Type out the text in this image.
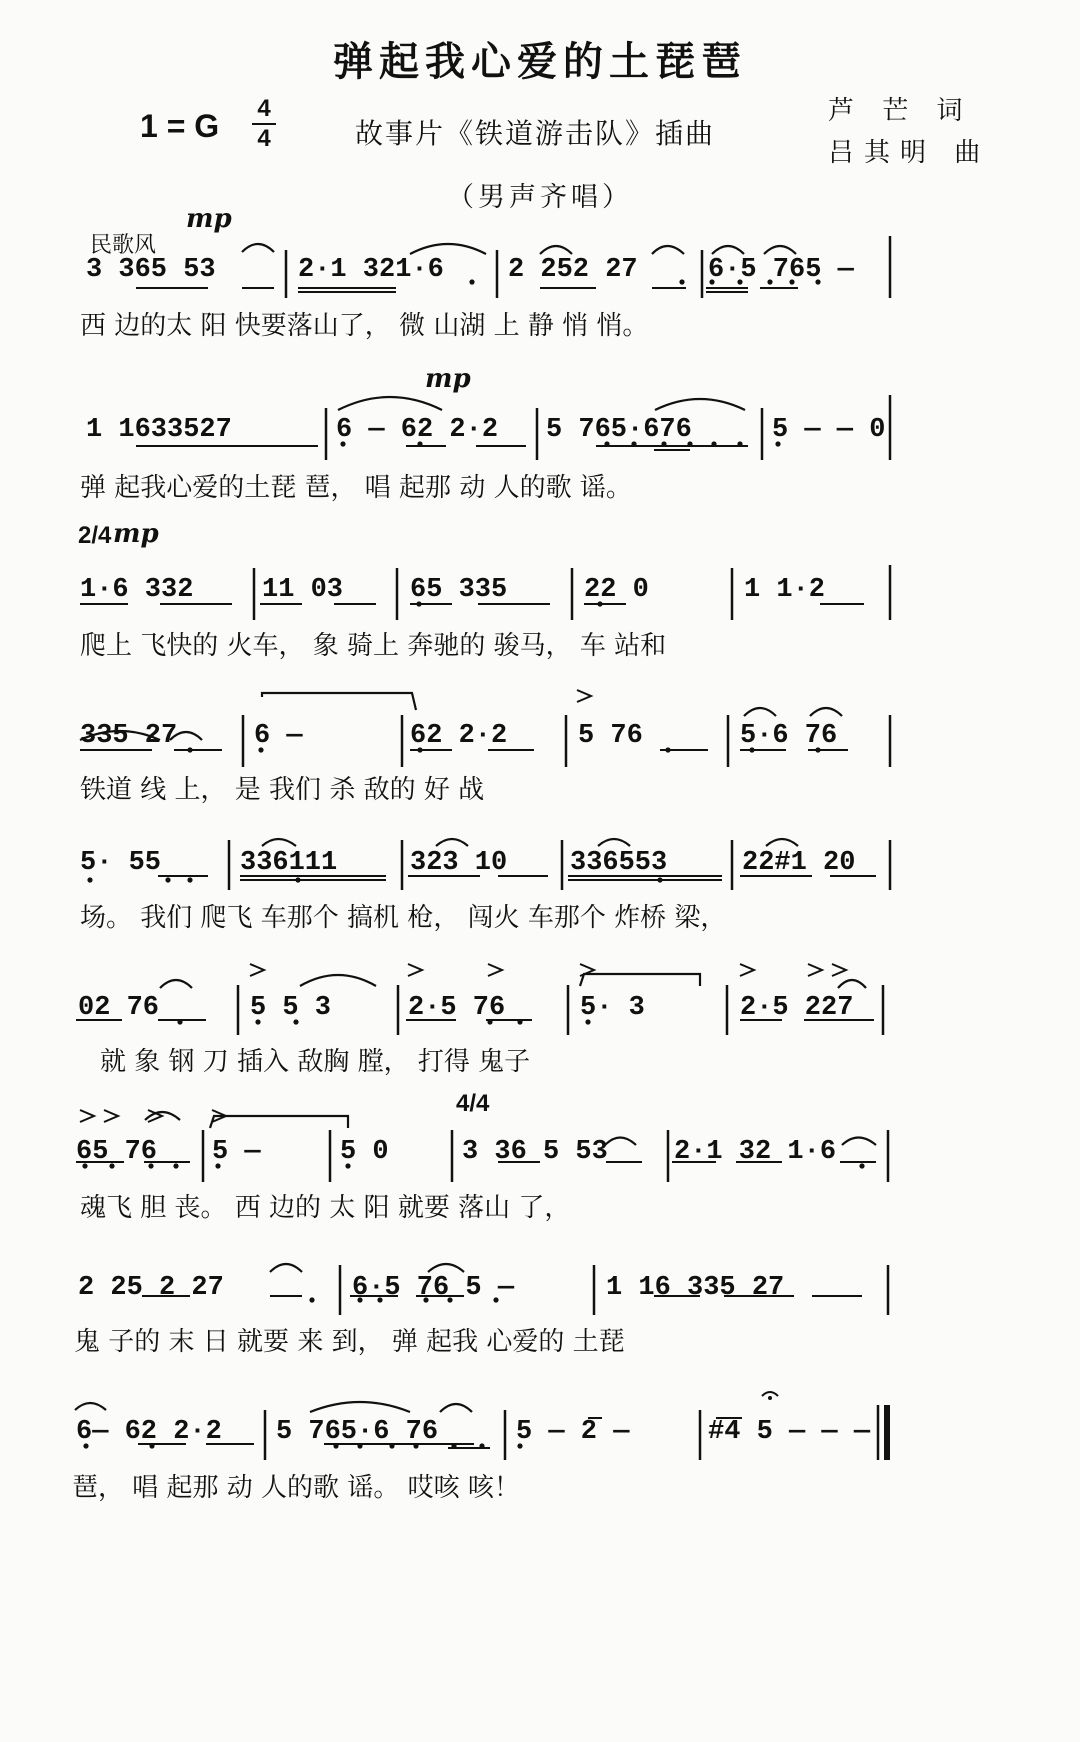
弹起我心爱的土琵琶
1 = G 4
4	故事片《铁道游击队》插曲
芦 芒 词
吕其明 曲
（男声齐唱）
民歌风
mp
mp
2/4 mp
4/4

3 365 53

	2·1 321·6

2 252 27

	6·5 765 —

西 边的太 阳 快要落山了， 微 山湖 上 静 悄 悄。

1 1633527

	6 — 62 2·2

5 765·676

	5 — — 0

弹 起我心爱的土琵 琶， 唱 起那 动 人的歌 谣。

1·6 332

	11 03

65 335

	22 0

	1 1·2

爬上 飞快的 火车， 象 骑上 奔驰的 骏马， 车 站和

335 27

	6 —

	62 2·2

	5 76

	5·6 76

铁道 线 上， 是 我们 杀 敌的 好 战

5· 55

	336111

	323 10

336553

	22#1 20

场。 我们 爬飞 车那个 搞机 枪， 闯火 车那个 炸桥 梁，

02 76

	5 5 3

	2·5 76

	5· 3

	2·5 227

就 象 钢 刀 插入 敌胸 膛， 打得 鬼子

65 76

5 —

	5 0

	3 36 5 53

2·1 32 1·6

魂飞 胆 丧。 西 边的 太 阳 就要 落山 了，

2 25 2 27

	6·5 76 5 —

	1 16 335 27

鬼 子的 末 日 就要 来 到， 弹 起我 心爱的 土琵

6— 62 2·2

5 765·6 76

	5 — 2 —

	#4 5 — — —

琶， 唱 起那 动 人的歌 谣。 哎咳 咳！
